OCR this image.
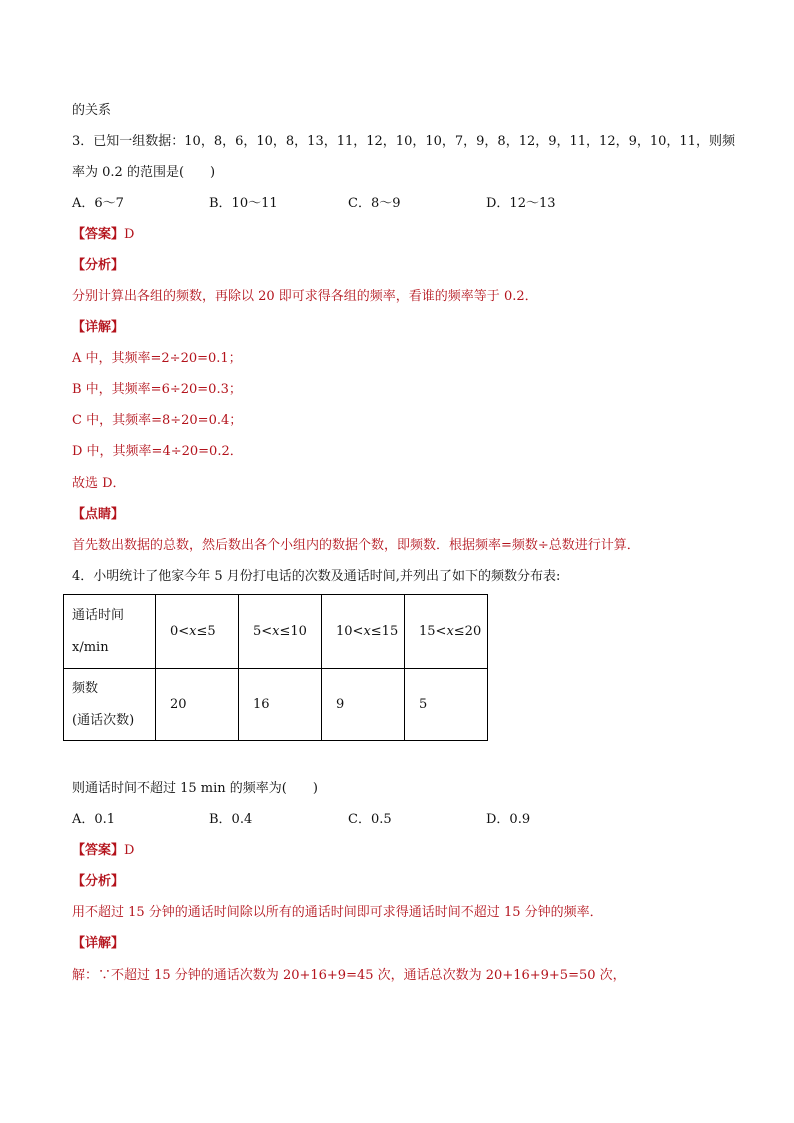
的关系
3．已知一组数据：10，8，6，10，8，13，11，12，10，10，7，9，8，12，9，11，12，9，10，11，则频
率为 0.2 的范围是(　　)
A．6～7	B．10～11	C．8～9	D．12～13
【答案】D
【分析】
分别计算出各组的频数，再除以 20 即可求得各组的频率，看谁的频率等于 0.2．
【详解】
A 中，其频率=2÷20=0.1；
B 中，其频率=6÷20=0.3；
C 中，其频率=8÷20=0.4；
D 中，其频率=4÷20=0.2．
故选 D．
【点睛】
首先数出数据的总数，然后数出各个小组内的数据个数，即频数．根据频率=频数÷总数进行计算．
4．小明统计了他家今年 5 月份打电话的次数及通话时间,并列出了如下的频数分布表:
通话时间
x/min	0<x≤5	5<x≤10	10<x≤15	15<x≤20

频数
(通话次数)	20	16	9	5
则通话时间不超过 15 min 的频率为(　　)
A．0.1	B．0.4	C．0.5	D．0.9
【答案】D
【分析】
用不超过 15 分钟的通话时间除以所有的通话时间即可求得通话时间不超过 15 分钟的频率．
【详解】
解：∵不超过 15 分钟的通话次数为 20+16+9=45 次，通话总次数为 20+16+9+5=50 次，
